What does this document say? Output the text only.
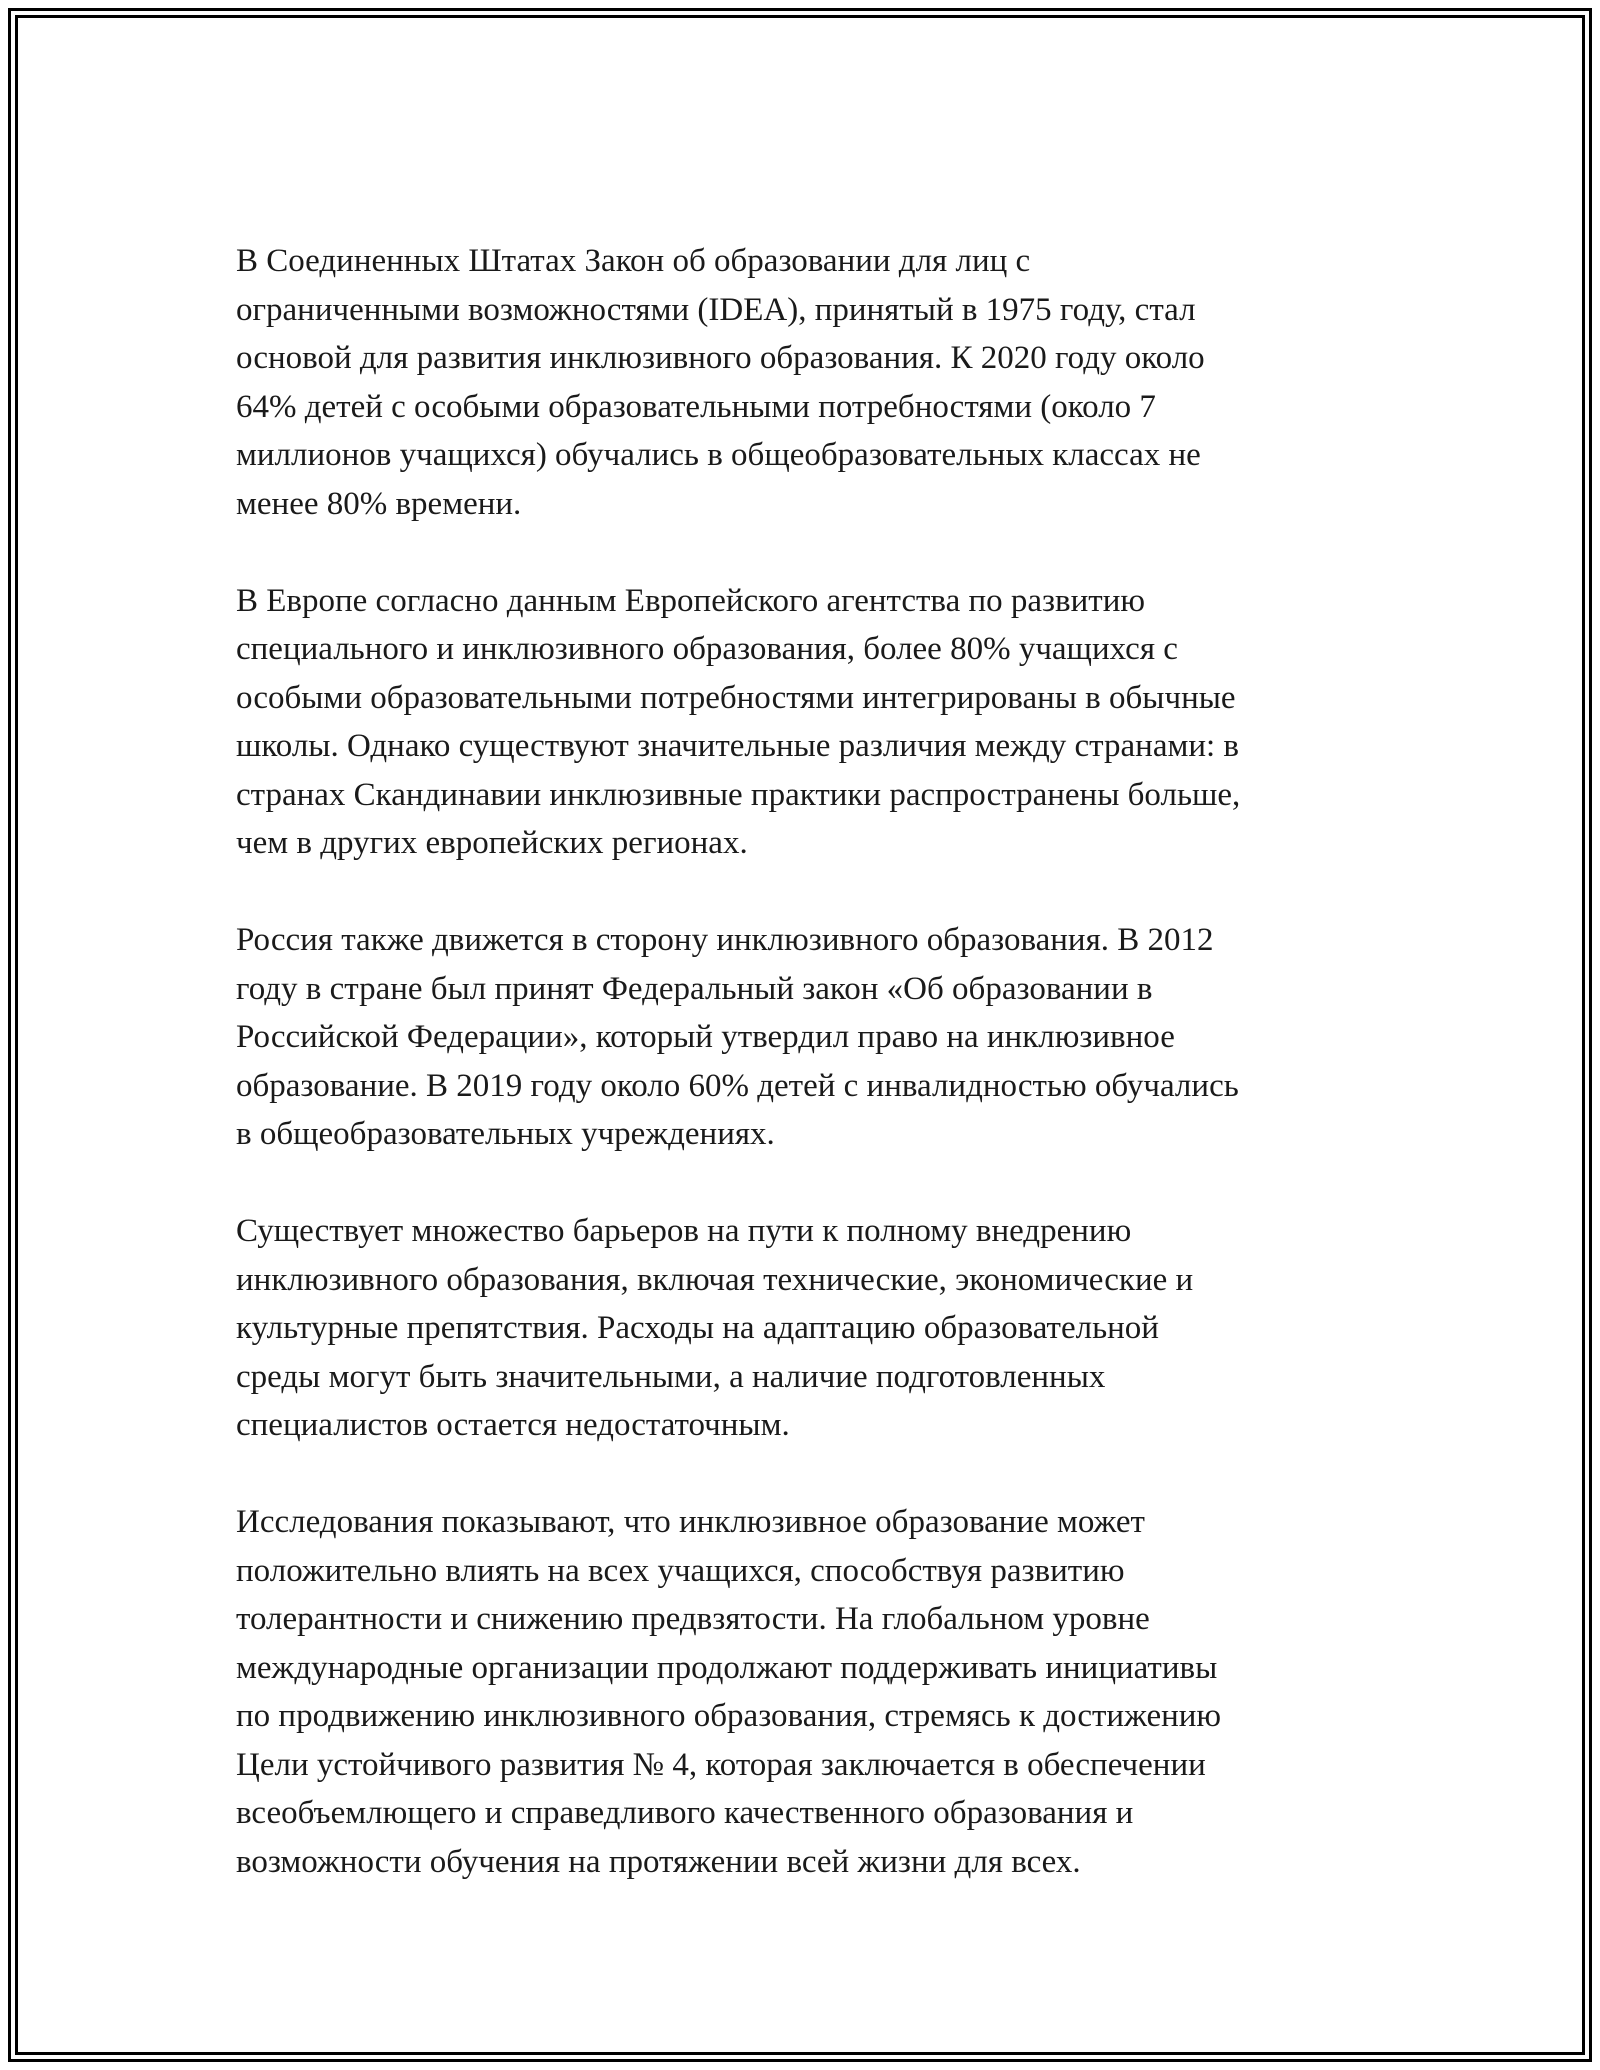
В Соединенных Штатах Закон об образовании для лиц с
ограниченными возможностями (IDEA), принятый в 1975 году, стал
основой для развития инклюзивного образования. К 2020 году около
64% детей с особыми образовательными потребностями (около 7
миллионов учащихся) обучались в общеобразовательных классах не
менее 80% времени.

В Европе согласно данным Европейского агентства по развитию
специального и инклюзивного образования, более 80% учащихся с
особыми образовательными потребностями интегрированы в обычные
школы. Однако существуют значительные различия между странами: в
странах Скандинавии инклюзивные практики распространены больше,
чем в других европейских регионах.

Россия также движется в сторону инклюзивного образования. В 2012
году в стране был принят Федеральный закон «Об образовании в
Российской Федерации», который утвердил право на инклюзивное
образование. В 2019 году около 60% детей с инвалидностью обучались
в общеобразовательных учреждениях.

Существует множество барьеров на пути к полному внедрению
инклюзивного образования, включая технические, экономические и
культурные препятствия. Расходы на адаптацию образовательной
среды могут быть значительными, а наличие подготовленных
специалистов остается недостаточным.

Исследования показывают, что инклюзивное образование может
положительно влиять на всех учащихся, способствуя развитию
толерантности и снижению предвзятости. На глобальном уровне
международные организации продолжают поддерживать инициативы
по продвижению инклюзивного образования, стремясь к достижению
Цели устойчивого развития № 4, которая заключается в обеспечении
всеобъемлющего и справедливого качественного образования и
возможности обучения на протяжении всей жизни для всех.
